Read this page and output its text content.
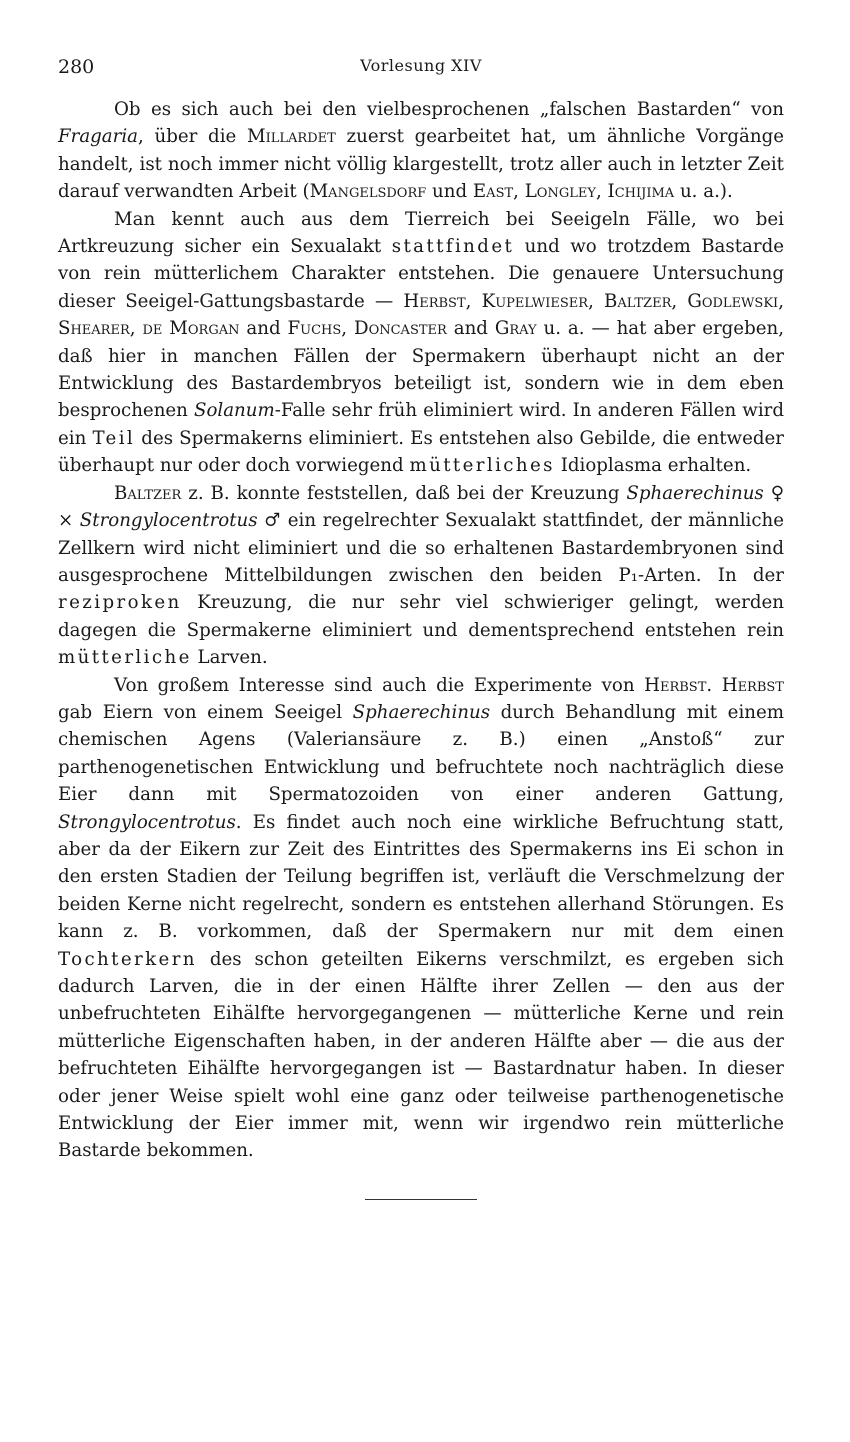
280	Vorlesung XIV

Ob es sich auch bei den vielbesprochenen „falschen Bastarden“ von Fragaria, über die Millardet zuerst gearbeitet hat, um ähnliche Vorgänge handelt, ist noch immer nicht völlig klargestellt, trotz aller auch in letzter Zeit darauf verwandten Arbeit (Mangelsdorf und East, Longley, Ichijima u. a.).

Man kennt auch aus dem Tierreich bei Seeigeln Fälle, wo bei Artkreuzung sicher ein Sexualakt stattfindet und wo trotzdem Bastarde von rein mütterlichem Charakter entstehen. Die genauere Untersuchung dieser Seeigel-Gattungsbastarde — Herbst, Kupelwieser, Baltzer, Godlewski, Shearer, de Morgan and Fuchs, Doncaster and Gray u. a. — hat aber ergeben, daß hier in manchen Fällen der Spermakern überhaupt nicht an der Entwicklung des Bastardembryos beteiligt ist, sondern wie in dem eben besprochenen Solanum-Falle sehr früh eliminiert wird. In anderen Fällen wird ein Teil des Spermakerns eliminiert. Es entstehen also Gebilde, die entweder überhaupt nur oder doch vorwiegend mütterliches Idioplasma erhalten.

Baltzer z. B. konnte feststellen, daß bei der Kreuzung Sphaerechinus ♀ × Strongylocentrotus ♂ ein regelrechter Sexualakt stattfindet, der männliche Zellkern wird nicht eliminiert und die so erhaltenen Bastardembryonen sind ausgesprochene Mittelbildungen zwischen den beiden P₁-Arten. In der reziproken Kreuzung, die nur sehr viel schwieriger gelingt, werden dagegen die Spermakerne eliminiert und dementsprechend entstehen rein mütterliche Larven.

Von großem Interesse sind auch die Experimente von Herbst. Herbst gab Eiern von einem Seeigel Sphaerechinus durch Behandlung mit einem chemischen Agens (Valeriansäure z. B.) einen „Anstoß“ zur parthenogenetischen Entwicklung und befruchtete noch nachträglich diese Eier dann mit Spermatozoiden von einer anderen Gattung, Strongylocentrotus. Es findet auch noch eine wirkliche Befruchtung statt, aber da der Eikern zur Zeit des Eintrittes des Spermakerns ins Ei schon in den ersten Stadien der Teilung begriffen ist, verläuft die Verschmelzung der beiden Kerne nicht regelrecht, sondern es entstehen allerhand Störungen. Es kann z. B. vorkommen, daß der Spermakern nur mit dem einen Tochterkern des schon geteilten Eikerns verschmilzt, es ergeben sich dadurch Larven, die in der einen Hälfte ihrer Zellen — den aus der unbefruchteten Eihälfte hervorgegangenen — mütterliche Kerne und rein mütterliche Eigenschaften haben, in der anderen Hälfte aber — die aus der befruchteten Eihälfte hervorgegangen ist — Bastardnatur haben. In dieser oder jener Weise spielt wohl eine ganz oder teilweise parthenogenetische Entwicklung der Eier immer mit, wenn wir irgendwo rein mütterliche Bastarde bekommen.
